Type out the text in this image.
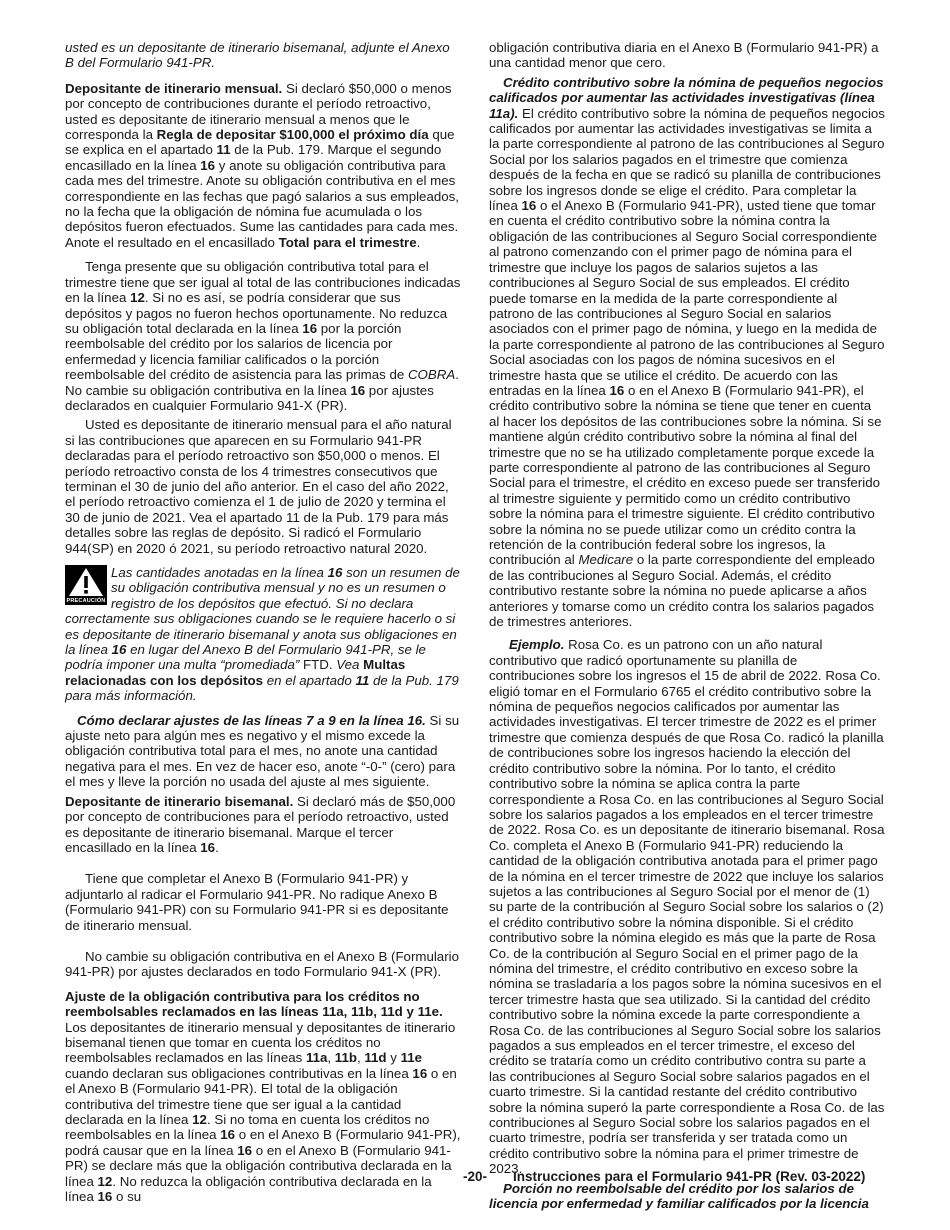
usted es un depositante de itinerario bisemanal, adjunte el Anexo B del Formulario 941-PR.

Depositante de itinerario mensual. Si declaró $50,000 o menos por concepto de contribuciones durante el período retroactivo, usted es depositante de itinerario mensual a menos que le corresponda la Regla de depositar $100,000 el próximo día que se explica en el apartado 11 de la Pub. 179. Marque el segundo encasillado en la línea 16 y anote su obligación contributiva para cada mes del trimestre. Anote su obligación contributiva en el mes correspondiente en las fechas que pagó salarios a sus empleados, no la fecha que la obligación de nómina fue acumulada o los depósitos fueron efectuados. Sume las cantidades para cada mes. Anote el resultado en el encasillado Total para el trimestre.

Tenga presente que su obligación contributiva total para el trimestre tiene que ser igual al total de las contribuciones indicadas en la línea 12. Si no es así, se podría considerar que sus depósitos y pagos no fueron hechos oportunamente. No reduzca su obligación total declarada en la línea 16 por la porción reembolsable del crédito por los salarios de licencia por enfermedad y licencia familiar calificados o la porción reembolsable del crédito de asistencia para las primas de COBRA. No cambie su obligación contributiva en la línea 16 por ajustes declarados en cualquier Formulario 941-X (PR).

Usted es depositante de itinerario mensual para el año natural si las contribuciones que aparecen en su Formulario 941-PR declaradas para el período retroactivo son $50,000 o menos. El período retroactivo consta de los 4 trimestres consecutivos que terminan el 30 de junio del año anterior. En el caso del año 2022, el período retroactivo comienza el 1 de julio de 2020 y termina el 30 de junio de 2021. Vea el apartado 11 de la Pub. 179 para más detalles sobre las reglas de depósito. Si radicó el Formulario 944(SP) en 2020 ó 2021, su período retroactivo natural 2020.

PRECAUCIÓN
Las cantidades anotadas en la línea 16 son un resumen de su obligación contributiva mensual y no es un resumen o registro de los depósitos que efectuó. Si no declara correctamente sus obligaciones cuando se le requiere hacerlo o si es depositante de itinerario bisemanal y anota sus obligaciones en la línea 16 en lugar del Anexo B del Formulario 941-PR, se le podría imponer una multa “promediada” FTD. Vea Multas relacionadas con los depósitos en el apartado 11 de la Pub. 179 para más información.

Cómo declarar ajustes de las líneas 7 a 9 en la línea 16. Si su ajuste neto para algún mes es negativo y el mismo excede la obligación contributiva total para el mes, no anote una cantidad negativa para el mes. En vez de hacer eso, anote “-0-” (cero) para el mes y lleve la porción no usada del ajuste al mes siguiente.

Depositante de itinerario bisemanal. Si declaró más de $50,000 por concepto de contribuciones para el período retroactivo, usted es depositante de itinerario bisemanal. Marque el tercer encasillado en la línea 16.

Tiene que completar el Anexo B (Formulario 941-PR) y adjuntarlo al radicar el Formulario 941-PR. No radique Anexo B (Formulario 941-PR) con su Formulario 941-PR si es depositante de itinerario mensual.

No cambie su obligación contributiva en el Anexo B (Formulario 941-PR) por ajustes declarados en todo Formulario 941-X (PR).

Ajuste de la obligación contributiva para los créditos no reembolsables reclamados en las líneas 11a, 11b, 11d y 11e. Los depositantes de itinerario mensual y depositantes de itinerario bisemanal tienen que tomar en cuenta los créditos no reembolsables reclamados en las líneas 11a, 11b, 11d y 11e cuando declaran sus obligaciones contributivas en la línea 16 o en el Anexo B (Formulario 941-PR). El total de la obligación contributiva del trimestre tiene que ser igual a la cantidad declarada en la línea 12. Si no toma en cuenta los créditos no reembolsables en la línea 16 o en el Anexo B (Formulario 941-PR), podrá causar que en la línea 16 o en el Anexo B (Formulario 941-PR) se declare más que la obligación contributiva declarada en la línea 12. No reduzca la obligación contributiva declarada en la línea 16 o su

obligación contributiva diaria en el Anexo B (Formulario 941-PR) a una cantidad menor que cero.

Crédito contributivo sobre la nómina de pequeños negocios calificados por aumentar las actividades investigativas (línea 11a). El crédito contributivo sobre la nómina de pequeños negocios calificados por aumentar las actividades investigativas se limita a la parte correspondiente al patrono de las contribuciones al Seguro Social por los salarios pagados en el trimestre que comienza después de la fecha en que se radicó su planilla de contribuciones sobre los ingresos donde se elige el crédito. Para completar la línea 16 o el Anexo B (Formulario 941-PR), usted tiene que tomar en cuenta el crédito contributivo sobre la nómina contra la obligación de las contribuciones al Seguro Social correspondiente al patrono comenzando con el primer pago de nómina para el trimestre que incluye los pagos de salarios sujetos a las contribuciones al Seguro Social de sus empleados. El crédito puede tomarse en la medida de la parte correspondiente al patrono de las contribuciones al Seguro Social en salarios asociados con el primer pago de nómina, y luego en la medida de la parte correspondiente al patrono de las contribuciones al Seguro Social asociadas con los pagos de nómina sucesivos en el trimestre hasta que se utilice el crédito. De acuerdo con las entradas en la línea 16 o en el Anexo B (Formulario 941-PR), el crédito contributivo sobre la nómina se tiene que tener en cuenta al hacer los depósitos de las contribuciones sobre la nómina. Si se mantiene algún crédito contributivo sobre la nómina al final del trimestre que no se ha utilizado completamente porque excede la parte correspondiente al patrono de las contribuciones al Seguro Social para el trimestre, el crédito en exceso puede ser transferido al trimestre siguiente y permitido como un crédito contributivo sobre la nómina para el trimestre siguiente. El crédito contributivo sobre la nómina no se puede utilizar como un crédito contra la retención de la contribución federal sobre los ingresos, la contribución al Medicare o la parte correspondiente del empleado de las contribuciones al Seguro Social. Además, el crédito contributivo restante sobre la nómina no puede aplicarse a años anteriores y tomarse como un crédito contra los salarios pagados de trimestres anteriores.

Ejemplo. Rosa Co. es un patrono con un año natural contributivo que radicó oportunamente su planilla de contribuciones sobre los ingresos el 15 de abril de 2022. Rosa Co. eligió tomar en el Formulario 6765 el crédito contributivo sobre la nómina de pequeños negocios calificados por aumentar las actividades investigativas. El tercer trimestre de 2022 es el primer trimestre que comienza después de que Rosa Co. radicó la planilla de contribuciones sobre los ingresos haciendo la elección del crédito contributivo sobre la nómina. Por lo tanto, el crédito contributivo sobre la nómina se aplica contra la parte correspondiente a Rosa Co. en las contribuciones al Seguro Social sobre los salarios pagados a los empleados en el tercer trimestre de 2022. Rosa Co. es un depositante de itinerario bisemanal. Rosa Co. completa el Anexo B (Formulario 941-PR) reduciendo la cantidad de la obligación contributiva anotada para el primer pago de la nómina en el tercer trimestre de 2022 que incluye los salarios sujetos a las contribuciones al Seguro Social por el menor de (1) su parte de la contribución al Seguro Social sobre los salarios o (2) el crédito contributivo sobre la nómina disponible. Si el crédito contributivo sobre la nómina elegido es más que la parte de Rosa Co. de la contribución al Seguro Social en el primer pago de la nómina del trimestre, el crédito contributivo en exceso sobre la nómina se trasladaría a los pagos sobre la nómina sucesivos en el tercer trimestre hasta que sea utilizado. Si la cantidad del crédito contributivo sobre la nómina excede la parte correspondiente a Rosa Co. de las contribuciones al Seguro Social sobre los salarios pagados a sus empleados en el tercer trimestre, el exceso del crédito se trataría como un crédito contributivo contra su parte a las contribuciones al Seguro Social sobre salarios pagados en el cuarto trimestre. Si la cantidad restante del crédito contributivo sobre la nómina superó la parte correspondiente a Rosa Co. de las contribuciones al Seguro Social sobre los salarios pagados en el cuarto trimestre, podría ser transferida y ser tratada como un crédito contributivo sobre la nómina para el primer trimestre de 2023.

Porción no reembolsable del crédito por los salarios de licencia por enfermedad y familiar calificados por la licencia

-20- Instrucciones para el Formulario 941-PR (Rev. 03-2022)
